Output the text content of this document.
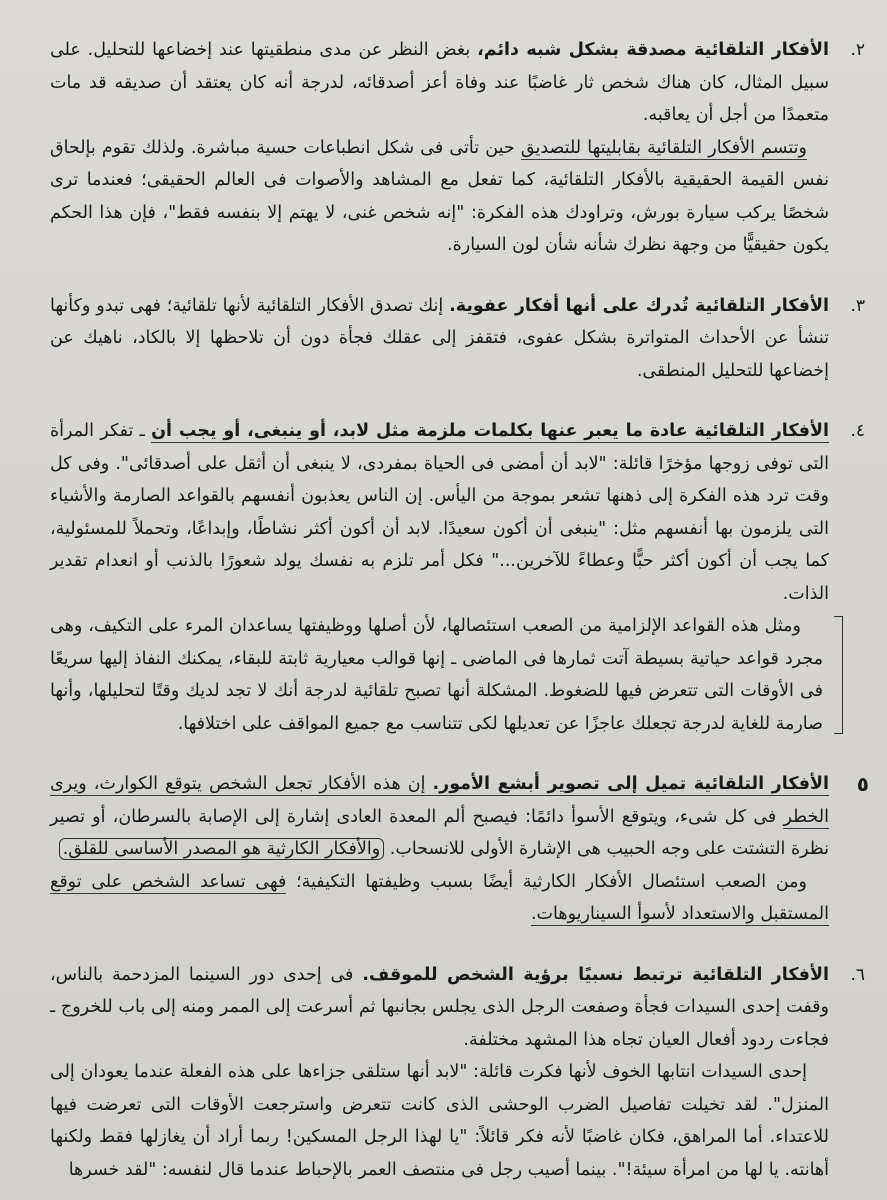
٢.

الأفكار التلقائية مصدقة بشكل شبه دائم، بغض النظر عن مدى منطقيتها عند إخضاعها للتحليل. على سبيل المثال، كان هناك شخص ثار غاضبًا عند وفاة أعز أصدقائه، لدرجة أنه كان يعتقد أن صديقه قد مات متعمدًا من أجل أن يعاقبه.

وتتسم الأفكار التلقائية بقابليتها للتصديق حين تأتى فى شكل انطباعات حسية مباشرة. ولذلك تقوم بإلحاق نفس القيمة الحقيقية بالأفكار التلقائية، كما تفعل مع المشاهد والأصوات فى العالم الحقيقى؛ فعندما ترى شخصًا يركب سيارة بورش، وتراودك هذه الفكرة: "إنه شخص غنى، لا يهتم إلا بنفسه فقط"، فإن هذا الحكم يكون حقيقيًّا من وجهة نظرك شأنه شأن لون السيارة.

٣.

الأفكار التلقائية تُدرك على أنها أفكار عفوية. إنك تصدق الأفكار التلقائية لأنها تلقائية؛ فهى تبدو وكأنها تنشأ عن الأحداث المتواترة بشكل عفوى، فتقفز إلى عقلك فجأة دون أن تلاحظها إلا بالكاد، ناهيك عن إخضاعها للتحليل المنطقى.

٤.

الأفكار التلقائية عادة ما يعبر عنها بكلمات ملزمة مثل لابد، أو ينبغى، أو يجب أن ـ تفكر المرأة التى توفى زوجها مؤخرًا قائلة: "لابد أن أمضى فى الحياة بمفردى، لا ينبغى أن أثقل على أصدقائى". وفى كل وقت ترد هذه الفكرة إلى ذهنها تشعر بموجة من اليأس. إن الناس يعذبون أنفسهم بالقواعد الصارمة والأشياء التى يلزمون بها أنفسهم مثل: "ينبغى أن أكون سعيدًا. لابد أن أكون أكثر نشاطًا، وإبداعًا، وتحملاً للمسئولية، كما يجب أن أكون أكثر حبًّا وعطاءً للآخرين..." فكل أمر تلزم به نفسك يولد شعورًا بالذنب أو انعدام تقدير الذات.

ومثل هذه القواعد الإلزامية من الصعب استئصالها، لأن أصلها ووظيفتها يساعدان المرء على التكيف، وهى مجرد قواعد حياتية بسيطة آتت ثمارها فى الماضى ـ إنها قوالب معيارية ثابتة للبقاء، يمكنك النفاذ إليها سريعًا فى الأوقات التى تتعرض فيها للضغوط. المشكلة أنها تصبح تلقائية لدرجة أنك لا تجد لديك وقتًا لتحليلها، وأنها صارمة للغاية لدرجة تجعلك عاجزًا عن تعديلها لكى تتناسب مع جميع المواقف على اختلافها.

٥

الأفكار التلقائية تميل إلى تصوير أبشع الأمور. إن هذه الأفكار تجعل الشخص يتوقع الكوارث، ويرى الخطر فى كل شىء، ويتوقع الأسوأ دائمًا: فيصبح ألم المعدة العادى إشارة إلى الإصابة بالسرطان، أو تصير نظرة التشتت على وجه الحبيب هى الإشارة الأولى للانسحاب. والأفكار الكارثية هو المصدر الأساسى للقلق.

ومن الصعب استئصال الأفكار الكارثية أيضًا بسبب وظيفتها التكيفية؛ فهى تساعد الشخص على توقع المستقبل والاستعداد لأسوأ السيناريوهات.

٦.

الأفكار التلقائية ترتبط نسبيًا برؤية الشخص للموقف. فى إحدى دور السينما المزدحمة بالناس، وقفت إحدى السيدات فجأة وصفعت الرجل الذى يجلس بجانبها ثم أسرعت إلى الممر ومنه إلى باب للخروج ـ فجاءت ردود أفعال العيان تجاه هذا المشهد مختلفة.

إحدى السيدات انتابها الخوف لأنها فكرت قائلة: "لابد أنها ستلقى جزاءها على هذه الفعلة عندما يعودان إلى المنزل". لقد تخيلت تفاصيل الضرب الوحشى الذى كانت تتعرض واسترجعت الأوقات التى تعرضت فيها للاعتداء. أما المراهق، فكان غاضبًا لأنه فكر قائلاً: "يا لهذا الرجل المسكين! ربما أراد أن يغازلها فقط ولكنها أهانته. يا لها من امرأة سيئة!". بينما أصيب رجل فى منتصف العمر بالإحباط عندما قال لنفسه: "لقد خسرها
